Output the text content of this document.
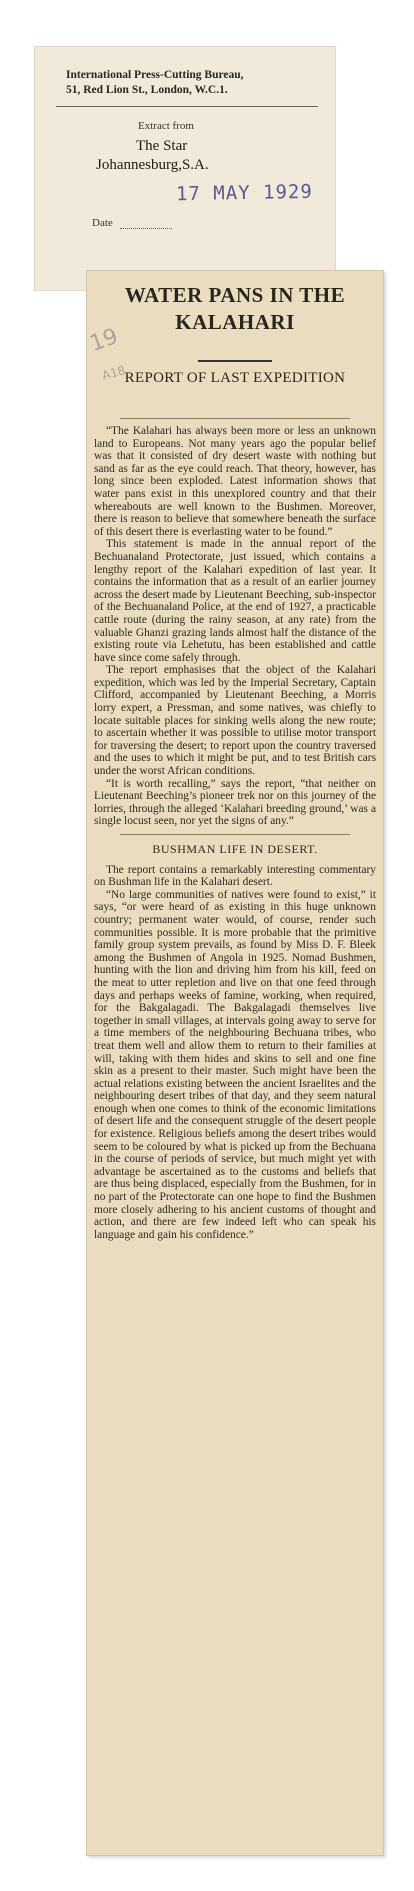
International Press-Cutting Bureau,
51, Red Lion St., London, W.C.1.
Extract from
The Star
Johannesburg,S.A.
17 MAY 1929
Date
19
A18
WATER PANS IN THE
KALAHARI
REPORT OF LAST EXPEDITION

“The Kalahari has always been more or less an unknown land to Europeans. Not many years ago the popular belief was that it consisted of dry desert waste with nothing but sand as far as the eye could reach. That theory, however, has long since been exploded. Latest information shows that water pans exist in this unexplored country and that their whereabouts are well known to the Bushmen. Moreover, there is reason to believe that somewhere beneath the surface of this desert there is everlasting water to be found.”

This statement is made in the annual report of the Bechuanaland Protectorate, just issued, which contains a lengthy report of the Kalahari expedition of last year. It contains the information that as a result of an earlier journey across the desert made by Lieutenant Beeching, sub-inspector of the Bechuanaland Police, at the end of 1927, a practicable cattle route (during the rainy season, at any rate) from the valuable Ghanzi grazing lands almost half the distance of the existing route via Lehetutu, has been established and cattle have since come safely through.

The report emphasises that the object of the Kalahari expedition, which was led by the Imperial Secretary, Captain Clifford, accompanied by Lieutenant Beeching, a Morris lorry expert, a Pressman, and some natives, was chiefly to locate suitable places for sinking wells along the new route; to ascertain whether it was possible to utilise motor transport for traversing the desert; to report upon the country traversed and the uses to which it might be put, and to test British cars under the worst African conditions.

“It is worth recalling,” says the report, “that neither on Lieutenant Beeching’s pioneer trek nor on this journey of the lorries, through the alleged ‘Kalahari breeding ground,’ was a single locust seen, nor yet the signs of any.”

BUSHMAN LIFE IN DESERT.

The report contains a remarkably interesting commentary on Bushman life in the Kalahari desert.

“No large communities of natives were found to exist,” it says, “or were heard of as existing in this huge unknown country; permanent water would, of course, render such communities possible. It is more probable that the primitive family group system prevails, as found by Miss D. F. Bleek among the Bushmen of Angola in 1925. Nomad Bushmen, hunting with the lion and driving him from his kill, feed on the meat to utter repletion and live on that one feed through days and perhaps weeks of famine, working, when required, for the Bakgalagadi. The Bakgalagadi themselves live together in small villages, at intervals going away to serve for a time members of the neighbouring Bechuana tribes, who treat them well and allow them to return to their families at will, taking with them hides and skins to sell and one fine skin as a present to their master. Such might have been the actual relations existing between the ancient Israelites and the neighbouring desert tribes of that day, and they seem natural enough when one comes to think of the economic limitations of desert life and the consequent struggle of the desert people for existence. Religious beliefs among the desert tribes would seem to be coloured by what is picked up from the Bechuana in the course of periods of service, but much might yet with advantage be ascertained as to the customs and beliefs that are thus being displaced, especially from the Bushmen, for in no part of the Protectorate can one hope to find the Bushmen more closely adhering to his ancient customs of thought and action, and there are few indeed left who can speak his language and gain his confidence.”
